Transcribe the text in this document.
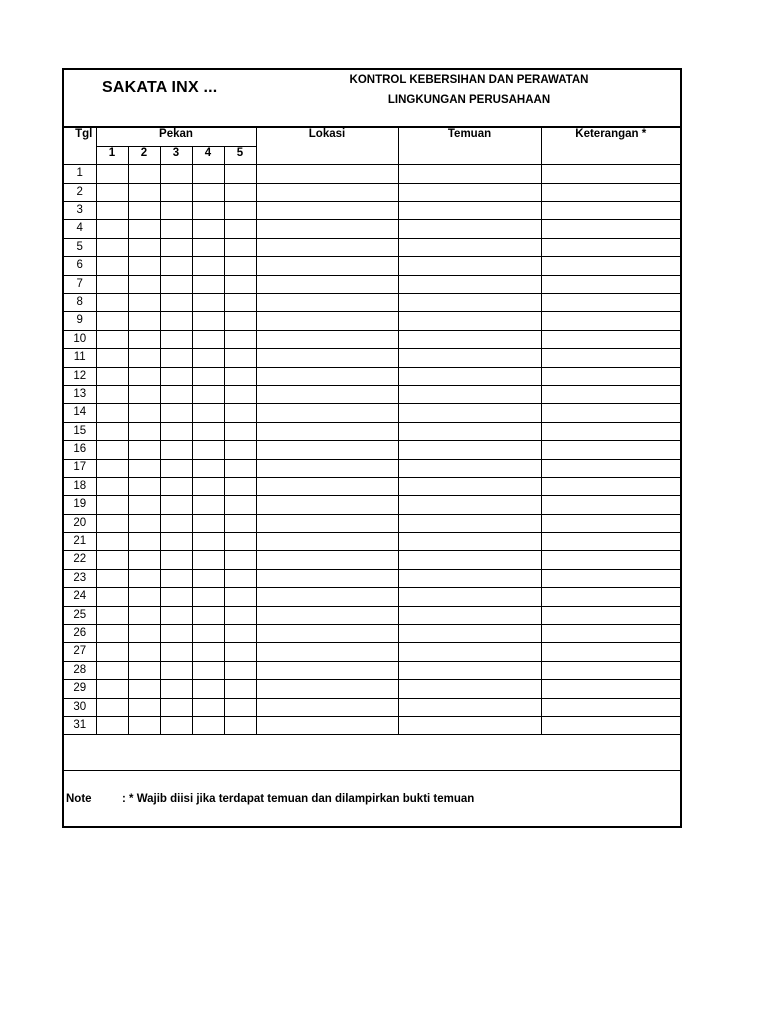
SAKATA INX ...	KONTROL KEBERSIHAN DAN PERAWATAN
LINGKUNGAN PERUSAHAAN
Tgl	Pekan					Lokasi	Temuan	Keterangan *
	1	2	3	4	5			
1								
2								
3								
4								
5								
6								
7								
8								
9								
10								
11								
12								
13								
14								
15								
16								
17								
18								
19								
20								
21								
22								
23								
24								
25								
26								
27								
28								
29								
30								
31								
Note	: * Wajib diisi jika terdapat temuan dan dilampirkan bukti temuan
